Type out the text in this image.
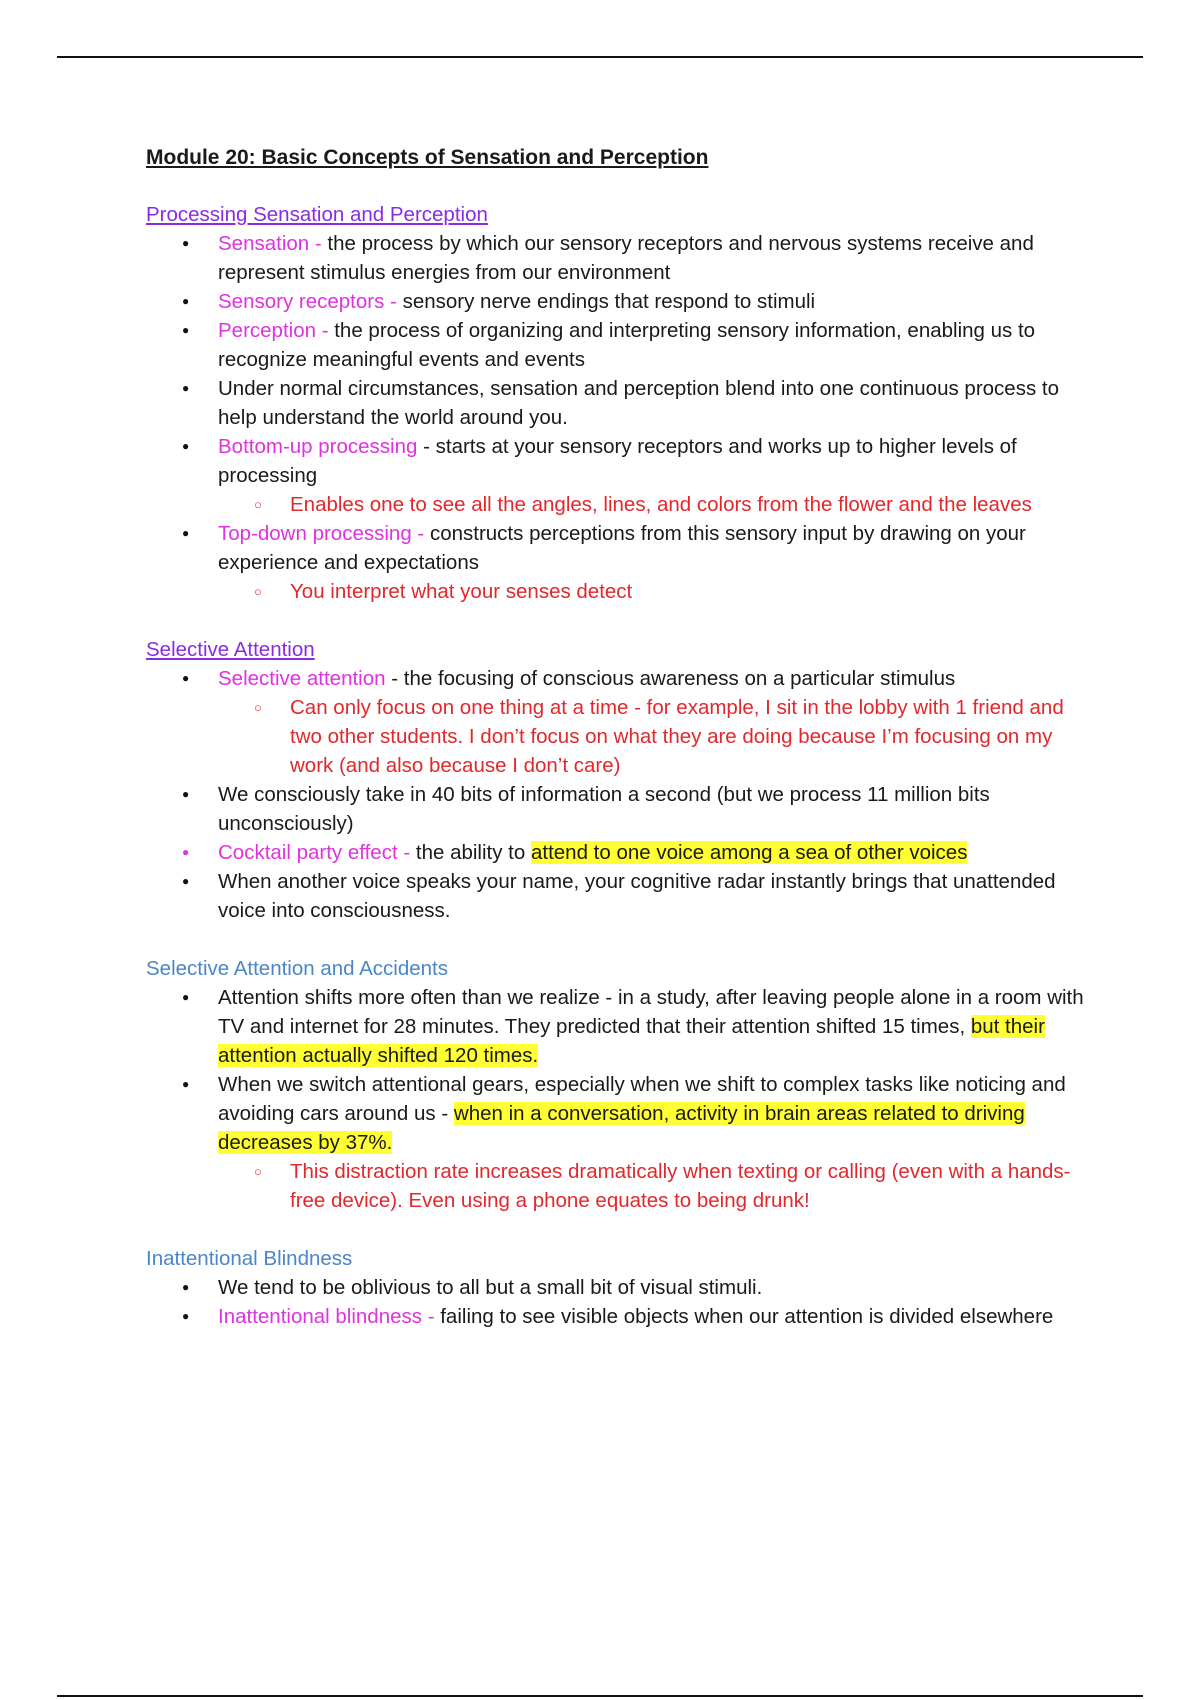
Module 20: Basic Concepts of Sensation and Perception

Processing Sensation and Perception

● Sensation - the process by which our sensory receptors and nervous systems receive and represent stimulus energies from our environment
● Sensory receptors - sensory nerve endings that respond to stimuli
● Perception - the process of organizing and interpreting sensory information, enabling us to recognize meaningful events and events
● Under normal circumstances, sensation and perception blend into one continuous process to help understand the world around you.
● Bottom-up processing - starts at your sensory receptors and works up to higher levels of processing
○ Enables one to see all the angles, lines, and colors from the flower and the leaves
● Top-down processing - constructs perceptions from this sensory input by drawing on your experience and expectations
○ You interpret what your senses detect

Selective Attention

● Selective attention - the focusing of conscious awareness on a particular stimulus
○ Can only focus on one thing at a time - for example, I sit in the lobby with 1 friend and two other students. I don’t focus on what they are doing because I’m focusing on my work (and also because I don’t care)
● We consciously take in 40 bits of information a second (but we process 11 million bits unconsciously)
● Cocktail party effect - the ability to attend to one voice among a sea of other voices
● When another voice speaks your name, your cognitive radar instantly brings that unattended voice into consciousness.

Selective Attention and Accidents

● Attention shifts more often than we realize - in a study, after leaving people alone in a room with TV and internet for 28 minutes. They predicted that their attention shifted 15 times, but their attention actually shifted 120 times.
● When we switch attentional gears, especially when we shift to complex tasks like noticing and avoiding cars around us - when in a conversation, activity in brain areas related to driving decreases by 37%.
○ This distraction rate increases dramatically when texting or calling (even with a hands-free device). Even using a phone equates to being drunk!

Inattentional Blindness

● We tend to be oblivious to all but a small bit of visual stimuli.
● Inattentional blindness - failing to see visible objects when our attention is divided elsewhere
